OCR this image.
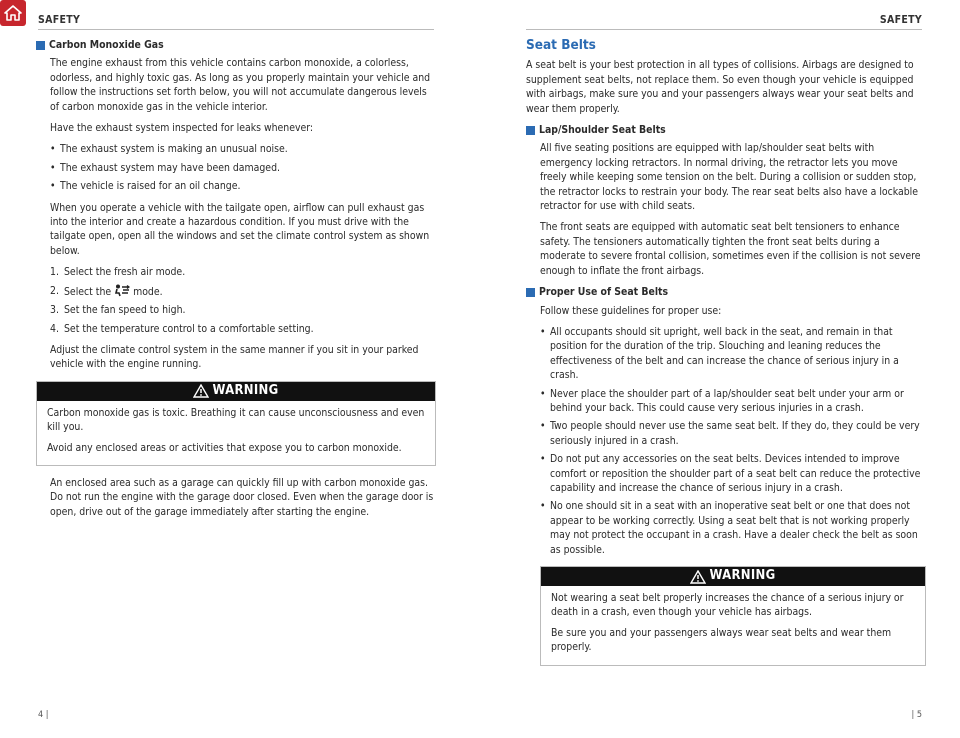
SAFETY
Carbon Monoxide Gas

The engine exhaust from this vehicle contains carbon monoxide, a colorless, odorless, and highly toxic gas. As long as you properly maintain your vehicle and follow the instructions set forth below, you will not accumulate dangerous levels of carbon monoxide gas in the vehicle interior.

Have the exhaust system inspected for leaks whenever:

• The exhaust system is making an unusual noise.
• The exhaust system may have been damaged.
• The vehicle is raised for an oil change.

When you operate a vehicle with the tailgate open, airflow can pull exhaust gas into the interior and create a hazardous condition. If you must drive with the tailgate open, open all the windows and set the climate control system as shown below.

1. Select the fresh air mode.
2. Select the mode.
3. Set the fan speed to high.
4. Set the temperature control to a comfortable setting.

Adjust the climate control system in the same manner if you sit in your parked vehicle with the engine running.

WARNING

Carbon monoxide gas is toxic. Breathing it can cause unconsciousness and even kill you.

Avoid any enclosed areas or activities that expose you to carbon monoxide.

An enclosed area such as a garage can quickly fill up with carbon monoxide gas. Do not run the engine with the garage door closed. Even when the garage door is open, drive out of the garage immediately after starting the engine.

4 |
SAFETY
Seat Belts

A seat belt is your best protection in all types of collisions. Airbags are designed to supplement seat belts, not replace them. So even though your vehicle is equipped with airbags, make sure you and your passengers always wear your seat belts and wear them properly.

Lap/Shoulder Seat Belts

All five seating positions are equipped with lap/shoulder seat belts with emergency locking retractors. In normal driving, the retractor lets you move freely while keeping some tension on the belt. During a collision or sudden stop, the retractor locks to restrain your body. The rear seat belts also have a lockable retractor for use with child seats.

The front seats are equipped with automatic seat belt tensioners to enhance safety. The tensioners automatically tighten the front seat belts during a moderate to severe frontal collision, sometimes even if the collision is not severe enough to inflate the front airbags.

Proper Use of Seat Belts

Follow these guidelines for proper use:

• All occupants should sit upright, well back in the seat, and remain in that position for the duration of the trip. Slouching and leaning reduces the effectiveness of the belt and can increase the chance of serious injury in a crash.
• Never place the shoulder part of a lap/shoulder seat belt under your arm or behind your back. This could cause very serious injuries in a crash.
• Two people should never use the same seat belt. If they do, they could be very seriously injured in a crash.
• Do not put any accessories on the seat belts. Devices intended to improve comfort or reposition the shoulder part of a seat belt can reduce the protective capability and increase the chance of serious injury in a crash.
• No one should sit in a seat with an inoperative seat belt or one that does not appear to be working correctly. Using a seat belt that is not working properly may not protect the occupant in a crash. Have a dealer check the belt as soon as possible.
WARNING

Not wearing a seat belt properly increases the chance of a serious injury or death in a crash, even though your vehicle has airbags.

Be sure you and your passengers always wear seat belts and wear them properly.

| 5
